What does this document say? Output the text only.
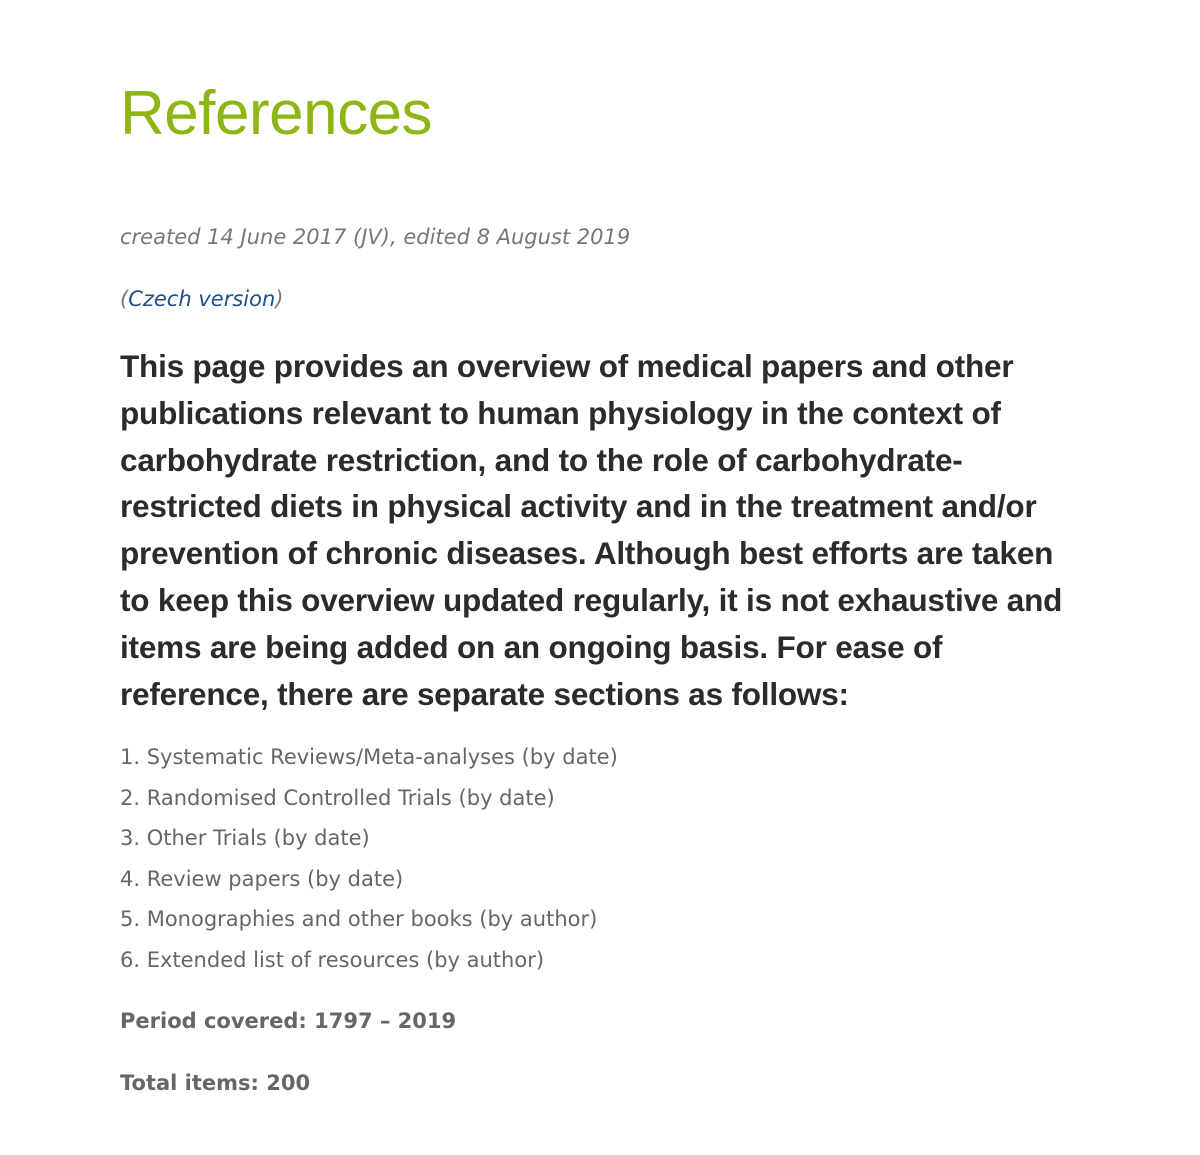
References

created 14 June 2017 (JV), edited 8 August 2019

(Czech version)

This page provides an overview of medical papers and other publications relevant to human physiology in the context of carbohydrate restriction, and to the role of carbohydrate-restricted diets in physical activity and in the treatment and/or prevention of chronic diseases. Although best efforts are taken to keep this overview updated regularly, it is not exhaustive and items are being added on an ongoing basis. For ease of reference, there are separate sections as follows:

1. Systematic Reviews/Meta-analyses (by date)
2. Randomised Controlled Trials (by date)
3. Other Trials (by date)
4. Review papers (by date)
5. Monographies and other books (by author)
6. Extended list of resources (by author)

Period covered: 1797 – 2019

Total items: 200
